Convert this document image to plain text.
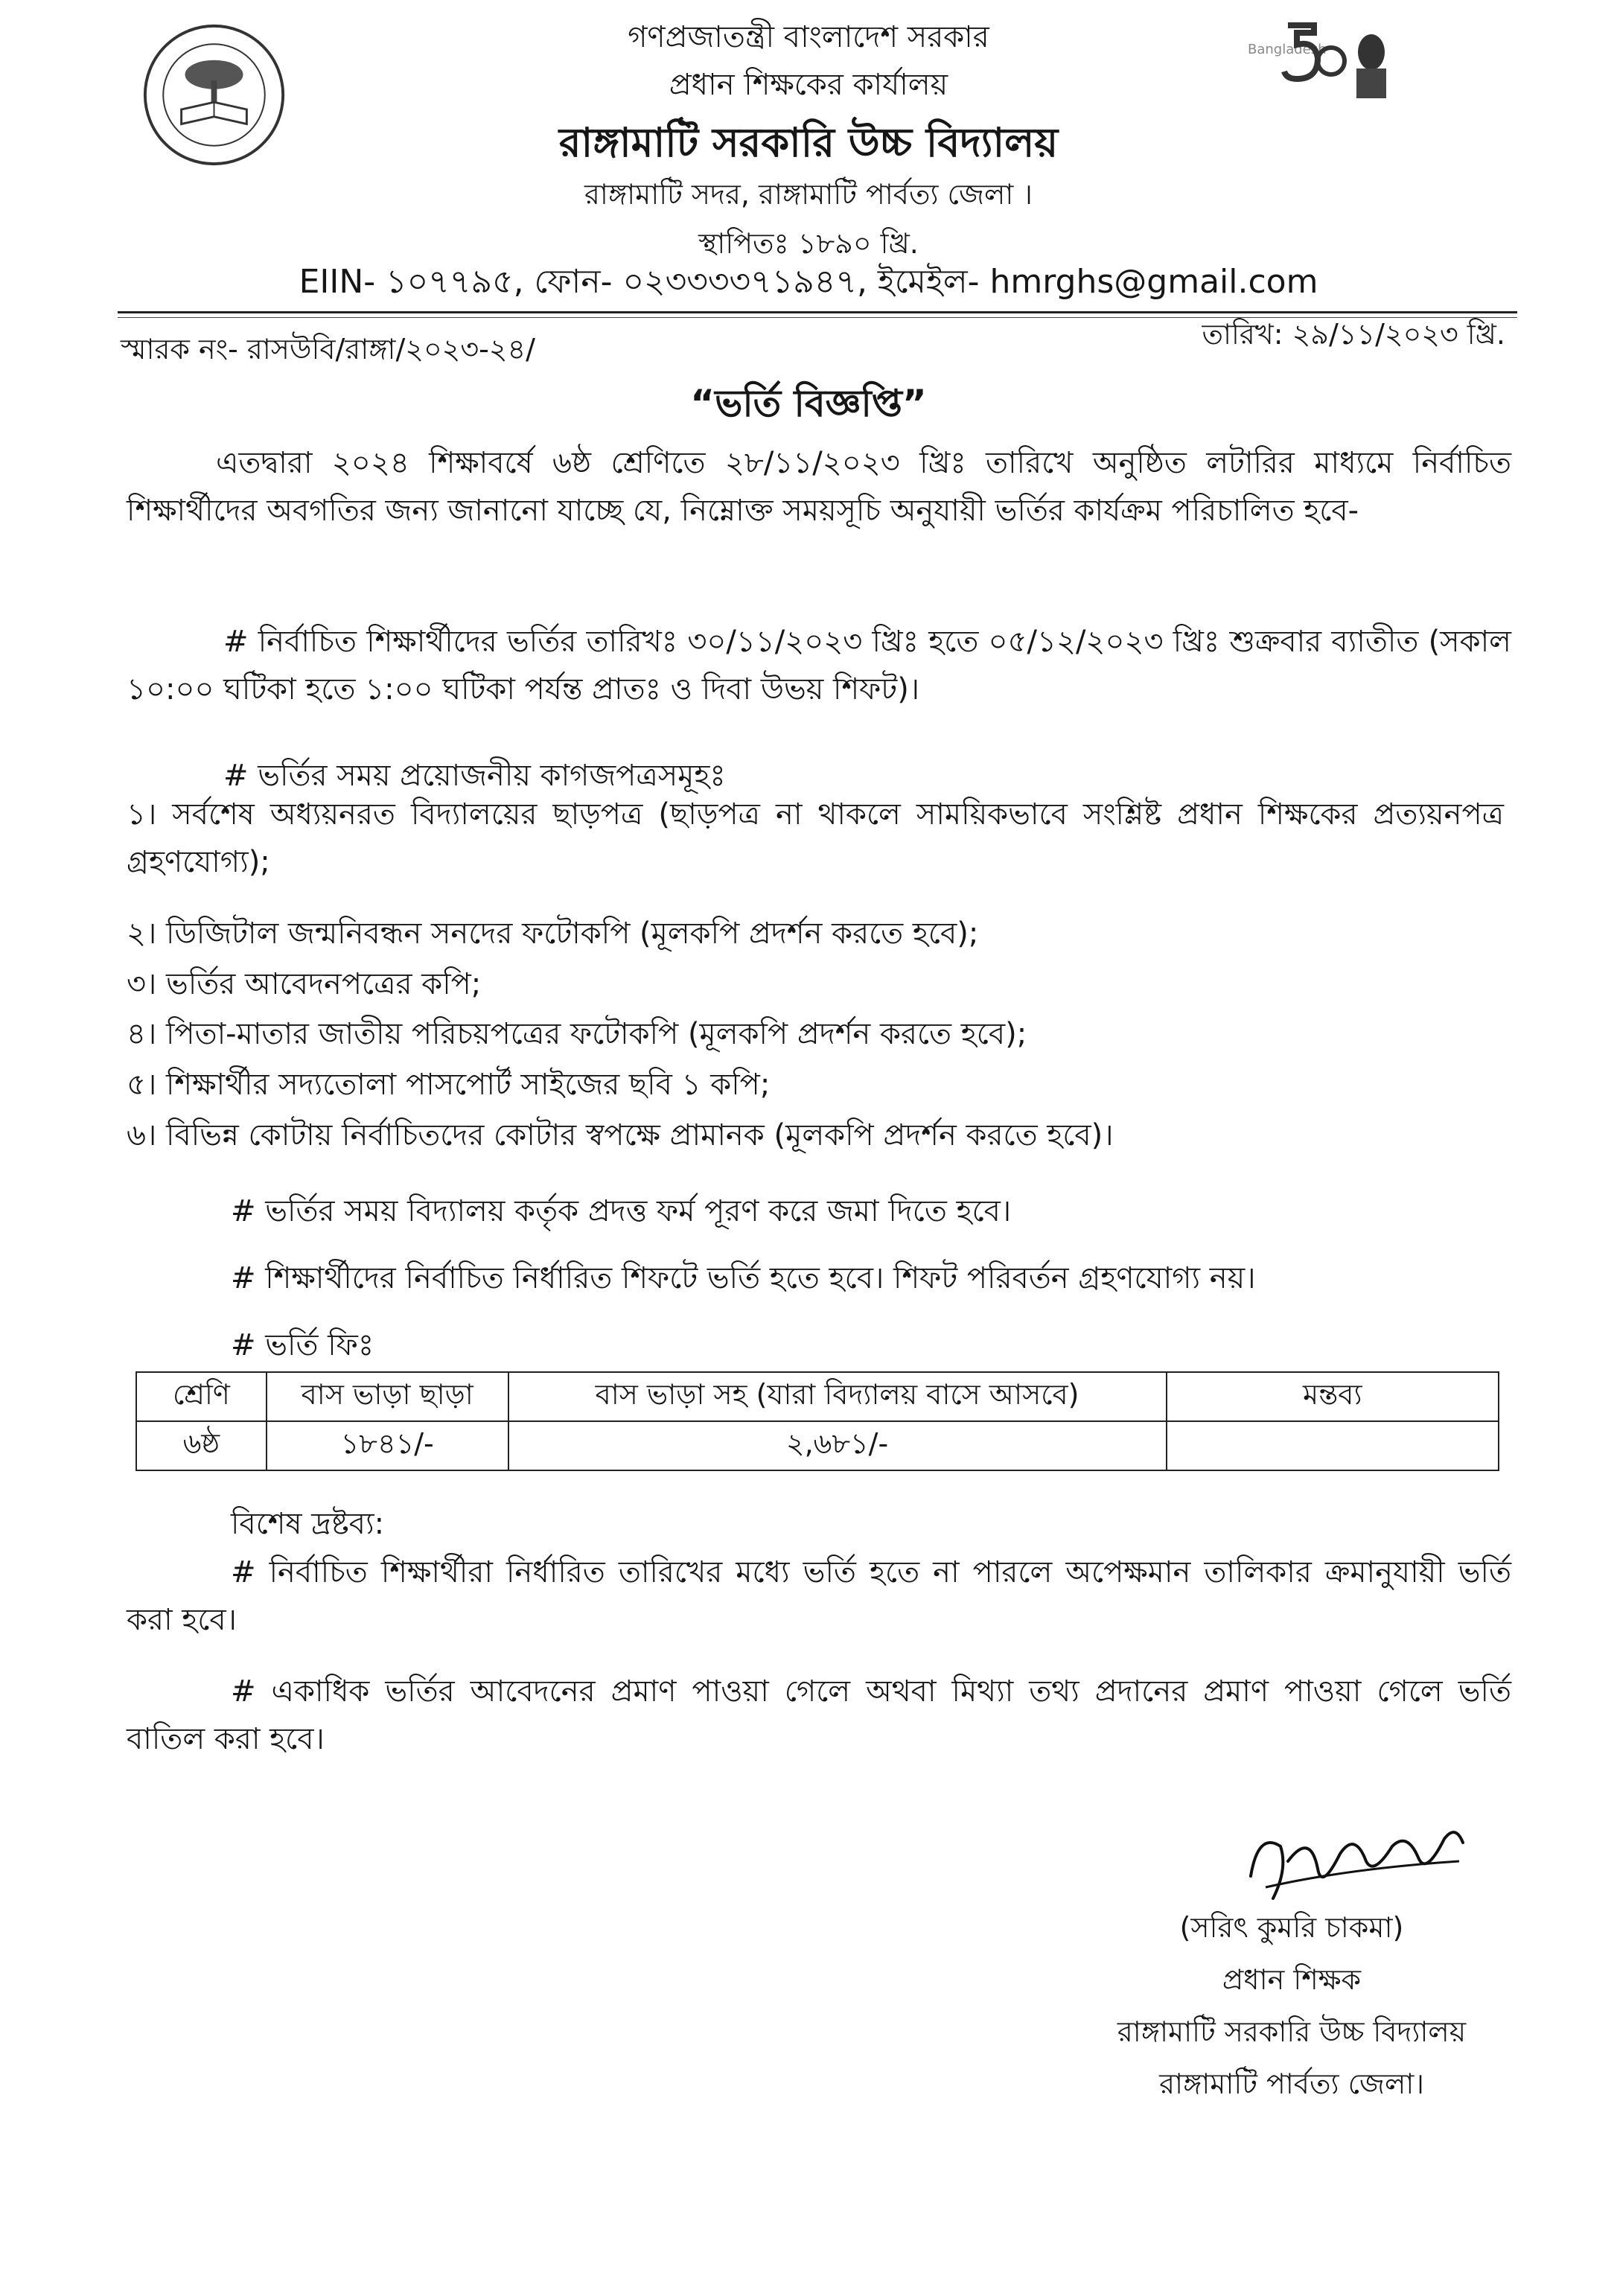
Bangladesh
গণপ্রজাতন্ত্রী বাংলাদেশ সরকার
প্রধান শিক্ষকের কার্যালয়
রাঙ্গামাটি সরকারি উচ্চ বিদ্যালয়
রাঙ্গামাটি সদর, রাঙ্গামাটি পার্বত্য জেলা ।
স্থাপিতঃ ১৮৯০ খ্রি.
EIIN- ১০৭৭৯৫, ফোন- ০২৩৩৩৩৭১৯৪৭, ইমেইল- hmrghs@gmail.com
স্মারক নং- রাসউবি/রাঙ্গা/২০২৩-২৪/	তারিখ: ২৯/১১/২০২৩ খ্রি.
“ভর্তি বিজ্ঞপ্তি”
এতদ্বারা ২০২৪ শিক্ষাবর্ষে ৬ষ্ঠ শ্রেণিতে ২৮/১১/২০২৩ খ্রিঃ তারিখে অনুষ্ঠিত লটারির মাধ্যমে নির্বাচিত শিক্ষার্থীদের অবগতির জন্য জানানো যাচ্ছে যে, নিম্নোক্ত সময়সূচি অনুযায়ী ভর্তির কার্যক্রম পরিচালিত হবে-
# নির্বাচিত শিক্ষার্থীদের ভর্তির তারিখঃ ৩০/১১/২০২৩ খ্রিঃ হতে ০৫/১২/২০২৩ খ্রিঃ শুক্রবার ব্যাতীত (সকাল ১০:০০ ঘটিকা হতে ১:০০ ঘটিকা পর্যন্ত প্রাতঃ ও দিবা উভয় শিফট)।
# ভর্তির সময় প্রয়োজনীয় কাগজপত্রসমূহঃ
১। সর্বশেষ অধ্যয়নরত বিদ্যালয়ের ছাড়পত্র (ছাড়পত্র না থাকলে সাময়িকভাবে সংশ্লিষ্ট প্রধান শিক্ষকের প্রত্যয়নপত্র গ্রহণযোগ্য);
২। ডিজিটাল জন্মনিবন্ধন সনদের ফটোকপি (মূলকপি প্রদর্শন করতে হবে);
৩। ভর্তির আবেদনপত্রের কপি;
৪। পিতা-মাতার জাতীয় পরিচয়পত্রের ফটোকপি (মূলকপি প্রদর্শন করতে হবে);
৫। শিক্ষার্থীর সদ্যতোলা পাসপোর্ট সাইজের ছবি ১ কপি;
৬। বিভিন্ন কোটায় নির্বাচিতদের কোটার স্বপক্ষে প্রামানক (মূলকপি প্রদর্শন করতে হবে)।
# ভর্তির সময় বিদ্যালয় কর্তৃক প্রদত্ত ফর্ম পূরণ করে জমা দিতে হবে।
# শিক্ষার্থীদের নির্বাচিত নির্ধারিত শিফটে ভর্তি হতে হবে। শিফট পরিবর্তন গ্রহণযোগ্য নয়।
# ভর্তি ফিঃ
শ্রেণি	বাস ভাড়া ছাড়া	বাস ভাড়া সহ (যারা বিদ্যালয় বাসে আসবে)	মন্তব্য
৬ষ্ঠ	১৮৪১/-	২,৬৮১/-	
বিশেষ দ্রষ্টব্য:
# নির্বাচিত শিক্ষার্থীরা নির্ধারিত তারিখের মধ্যে ভর্তি হতে না পারলে অপেক্ষমান তালিকার ক্রমানুযায়ী ভর্তি করা হবে।
# একাধিক ভর্তির আবেদনের প্রমাণ পাওয়া গেলে অথবা মিথ্যা তথ্য প্রদানের প্রমাণ পাওয়া গেলে ভর্তি বাতিল করা হবে।
(সরিৎ কুমরি চাকমা)
প্রধান শিক্ষক
রাঙ্গামাটি সরকারি উচ্চ বিদ্যালয়
রাঙ্গামাটি পার্বত্য জেলা।
